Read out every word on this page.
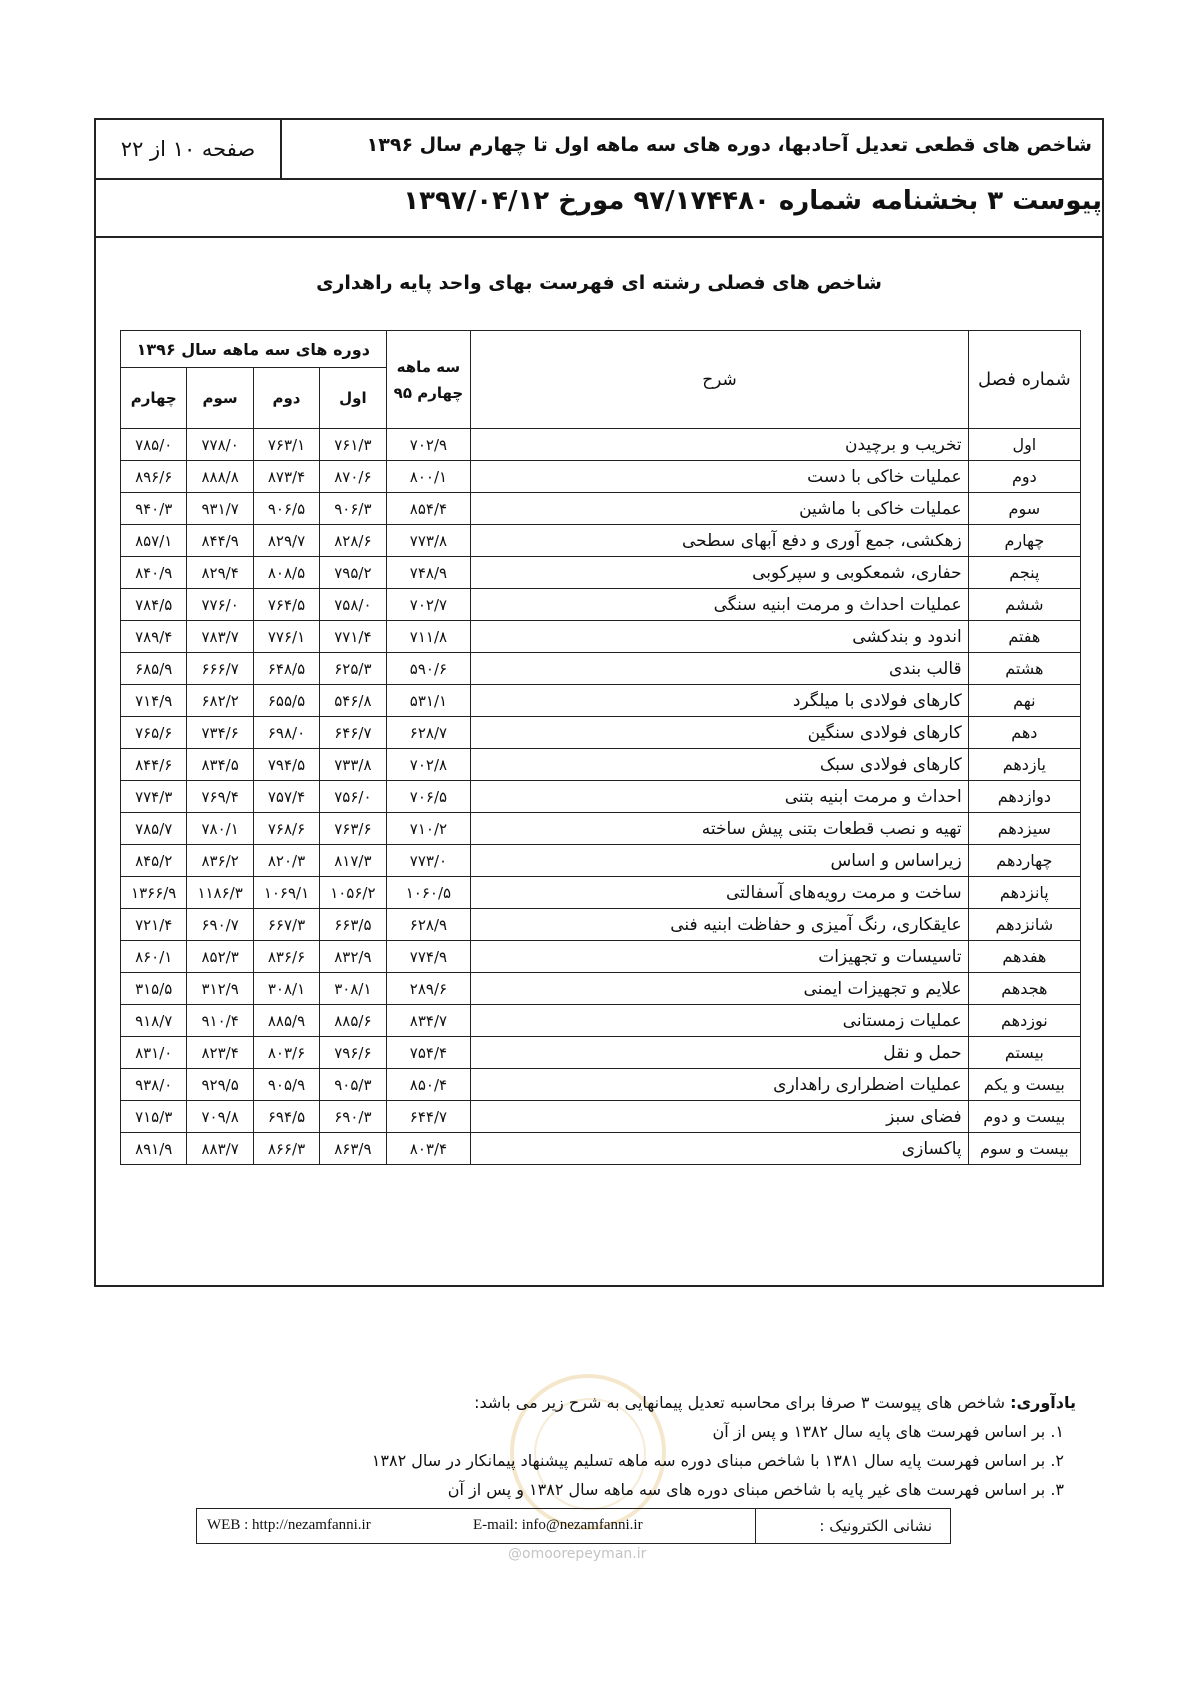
شاخص های قطعی تعدیل آحادبها، دوره های سه ماهه اول تا چهارم سال ۱۳۹۶
صفحه ۱۰ از ۲۲
پیوست ۳ بخشنامه شماره ۹۷/۱۷۴۴۸۰ مورخ ۱۳۹۷/۰۴/۱۲
شاخص های فصلی رشته ای فهرست بهای واحد پایه راهداری
شماره فصل	شرح	سه ماهه چهارم ۹۵	دوره های سه ماهه سال ۱۳۹۶			
			اول	دوم	سوم	چهارم
اول	تخریب و برچیدن	۷۰۲/۹	۷۶۱/۳	۷۶۳/۱	۷۷۸/۰	۷۸۵/۰
دوم	عملیات خاکی با دست	۸۰۰/۱	۸۷۰/۶	۸۷۳/۴	۸۸۸/۸	۸۹۶/۶
سوم	عملیات خاکی با ماشین	۸۵۴/۴	۹۰۶/۳	۹۰۶/۵	۹۳۱/۷	۹۴۰/۳
چهارم	زهکشی، جمع آوری و دفع آبهای سطحی	۷۷۳/۸	۸۲۸/۶	۸۲۹/۷	۸۴۴/۹	۸۵۷/۱
پنجم	حفاری، شمعکوبی و سپرکوبی	۷۴۸/۹	۷۹۵/۲	۸۰۸/۵	۸۲۹/۴	۸۴۰/۹
ششم	عملیات احداث و مرمت ابنیه سنگی	۷۰۲/۷	۷۵۸/۰	۷۶۴/۵	۷۷۶/۰	۷۸۴/۵
هفتم	اندود و بندکشی	۷۱۱/۸	۷۷۱/۴	۷۷۶/۱	۷۸۳/۷	۷۸۹/۴
هشتم	قالب بندی	۵۹۰/۶	۶۲۵/۳	۶۴۸/۵	۶۶۶/۷	۶۸۵/۹
نهم	کارهای فولادی با میلگرد	۵۳۱/۱	۵۴۶/۸	۶۵۵/۵	۶۸۲/۲	۷۱۴/۹
دهم	کارهای فولادی سنگین	۶۲۸/۷	۶۴۶/۷	۶۹۸/۰	۷۳۴/۶	۷۶۵/۶
یازدهم	کارهای فولادی سبک	۷۰۲/۸	۷۳۳/۸	۷۹۴/۵	۸۳۴/۵	۸۴۴/۶
دوازدهم	احداث و مرمت ابنیه بتنی	۷۰۶/۵	۷۵۶/۰	۷۵۷/۴	۷۶۹/۴	۷۷۴/۳
سیزدهم	تهیه و نصب قطعات بتنی پیش ساخته	۷۱۰/۲	۷۶۳/۶	۷۶۸/۶	۷۸۰/۱	۷۸۵/۷
چهاردهم	زیراساس و اساس	۷۷۳/۰	۸۱۷/۳	۸۲۰/۳	۸۳۶/۲	۸۴۵/۲
پانزدهم	ساخت و مرمت رویه‌های آسفالتی	۱۰۶۰/۵	۱۰۵۶/۲	۱۰۶۹/۱	۱۱۸۶/۳	۱۳۶۶/۹
شانزدهم	عایقکاری، رنگ آمیزی و حفاظت ابنیه فنی	۶۲۸/۹	۶۶۳/۵	۶۶۷/۳	۶۹۰/۷	۷۲۱/۴
هفدهم	تاسیسات و تجهیزات	۷۷۴/۹	۸۳۲/۹	۸۳۶/۶	۸۵۲/۳	۸۶۰/۱
هجدهم	علایم و تجهیزات ایمنی	۲۸۹/۶	۳۰۸/۱	۳۰۸/۱	۳۱۲/۹	۳۱۵/۵
نوزدهم	عملیات زمستانی	۸۳۴/۷	۸۸۵/۶	۸۸۵/۹	۹۱۰/۴	۹۱۸/۷
بیستم	حمل و نقل	۷۵۴/۴	۷۹۶/۶	۸۰۳/۶	۸۲۳/۴	۸۳۱/۰
بیست و یکم	عملیات اضطراری راهداری	۸۵۰/۴	۹۰۵/۳	۹۰۵/۹	۹۲۹/۵	۹۳۸/۰
بیست و دوم	فضای سبز	۶۴۴/۷	۶۹۰/۳	۶۹۴/۵	۷۰۹/۸	۷۱۵/۳
بیست و سوم	پاکسازی	۸۰۳/۴	۸۶۳/۹	۸۶۶/۳	۸۸۳/۷	۸۹۱/۹

یادآوری: شاخص های پیوست ۳ صرفا برای محاسبه تعدیل پیمانهایی به شرح زیر می باشد:

۱. بر اساس فهرست های پایه سال ۱۳۸۲ و پس از آن

۲. بر اساس فهرست پایه سال ۱۳۸۱ با شاخص مبنای دوره سه ماهه تسلیم پیشنهاد پیمانکار در سال ۱۳۸۲

۳. بر اساس فهرست های غیر پایه با شاخص مبنای دوره های سه ماهه سال ۱۳۸۲ و پس از آن

نشانی الکترونیک :
E-mail: info@nezamfanni.ir
WEB : http://nezamfanni.ir
@omoorepeyman.ir
